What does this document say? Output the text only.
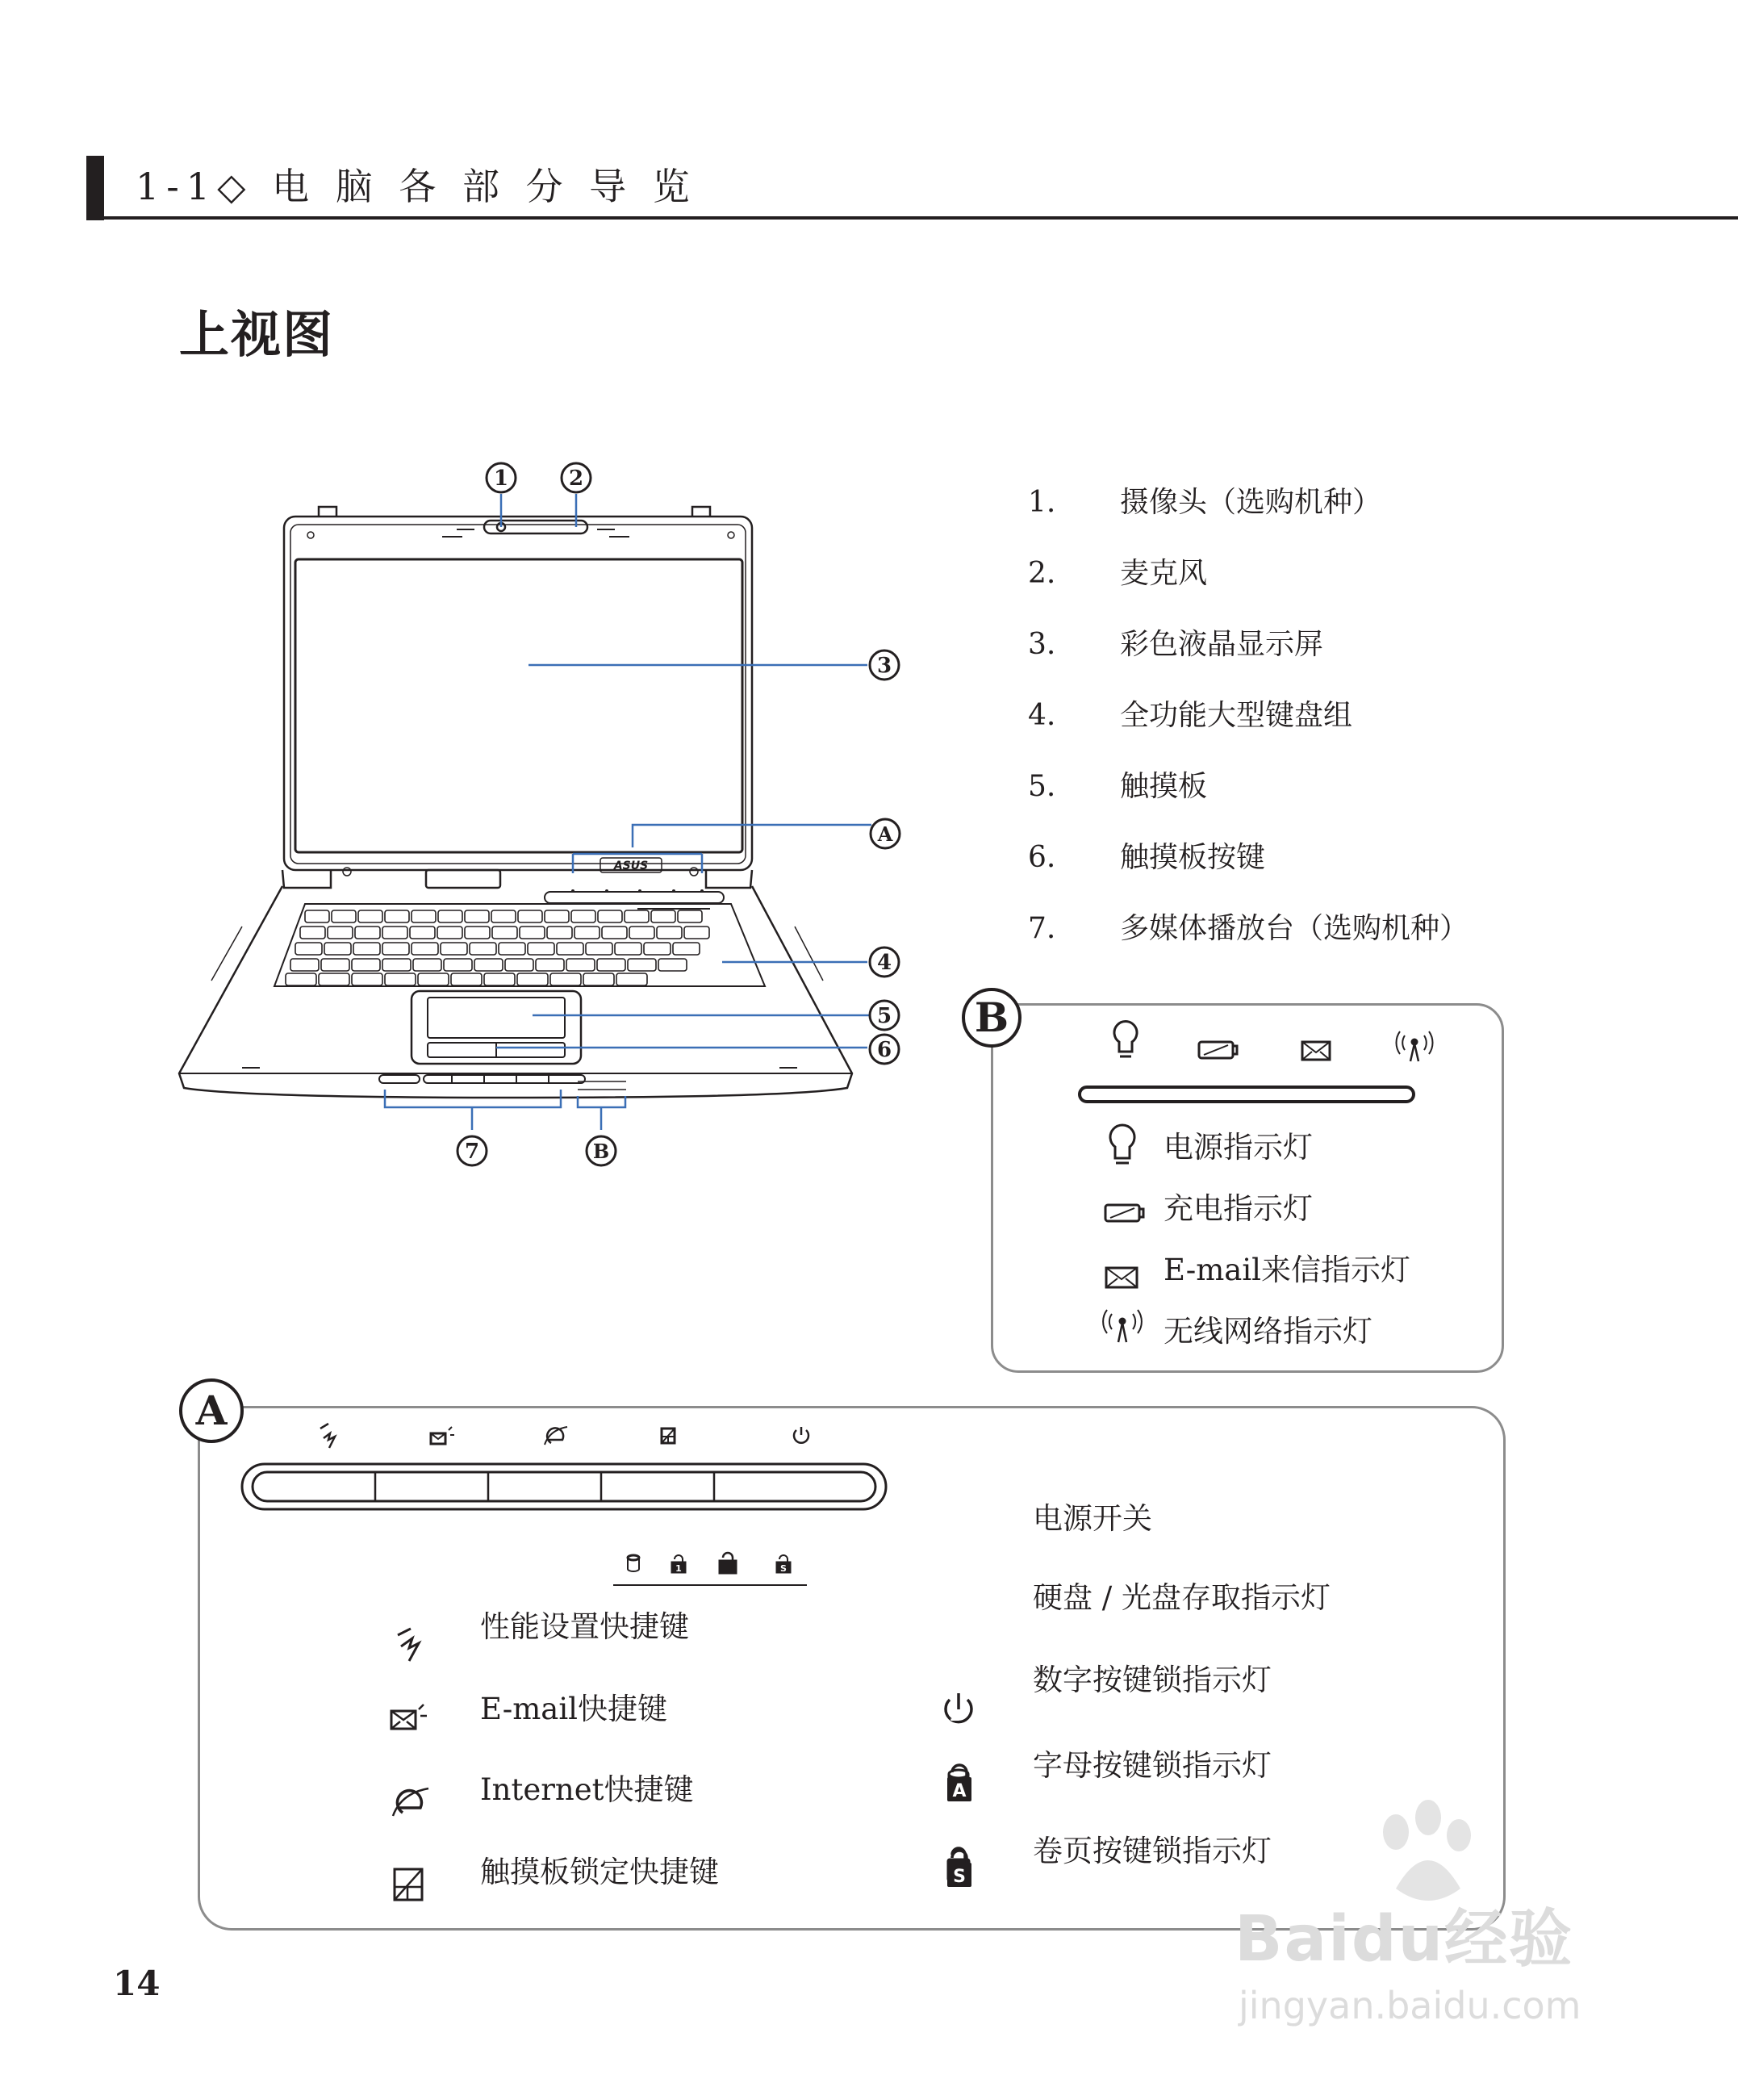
1-1◇ 电 脑 各 部 分 导 览
上视图
ASUS
1	2
3
A
4
5
6
7	B
1. 摄像头（选购机种）
2. 麦克风
3. 彩色液晶显示屏
4. 全功能大型键盘组
5. 触摸板
6. 触摸板按键
7. 多媒体播放台（选购机种）
B
电源指示灯
充电指示灯
E-mail来信指示灯
无线网络指示灯
A
1	S
A
S
1
性能设置快捷键
E-mail快捷键
Internet快捷键
触摸板锁定快捷键
电源开关
硬盘 / 光盘存取指示灯
数字按键锁指示灯
字母按键锁指示灯
卷页按键锁指示灯
14
Baidu经验
jingyan.baidu.com
